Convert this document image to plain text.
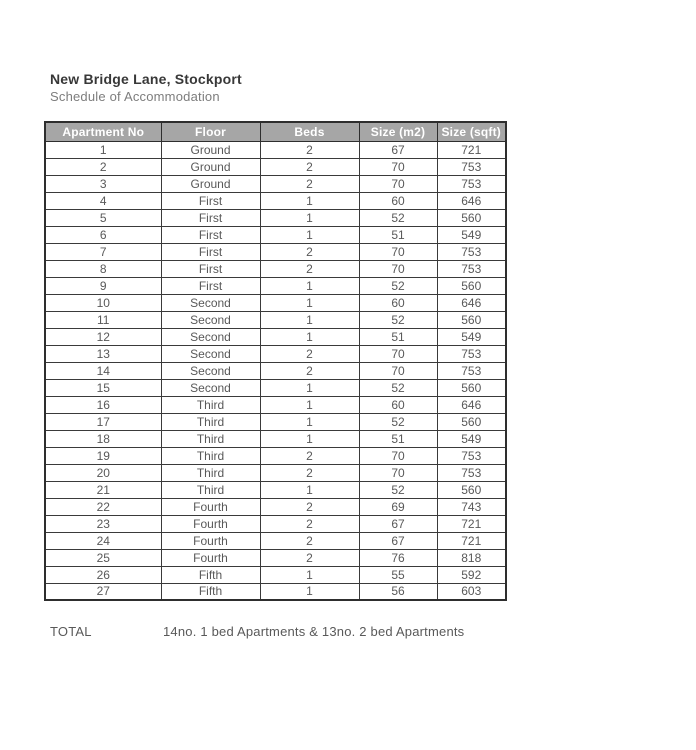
New Bridge Lane, Stockport
Schedule of Accommodation
Apartment No	Floor	Beds	Size (m2)	Size (sqft)
1	Ground	2	67	721
2	Ground	2	70	753
3	Ground	2	70	753
4	First	1	60	646
5	First	1	52	560
6	First	1	51	549
7	First	2	70	753
8	First	2	70	753
9	First	1	52	560
10	Second	1	60	646
11	Second	1	52	560
12	Second	1	51	549
13	Second	2	70	753
14	Second	2	70	753
15	Second	1	52	560
16	Third	1	60	646
17	Third	1	52	560
18	Third	1	51	549
19	Third	2	70	753
20	Third	2	70	753
21	Third	1	52	560
22	Fourth	2	69	743
23	Fourth	2	67	721
24	Fourth	2	67	721
25	Fourth	2	76	818
26	Fifth	1	55	592
27	Fifth	1	56	603
TOTAL	14no. 1 bed Apartments & 13no. 2 bed Apartments
